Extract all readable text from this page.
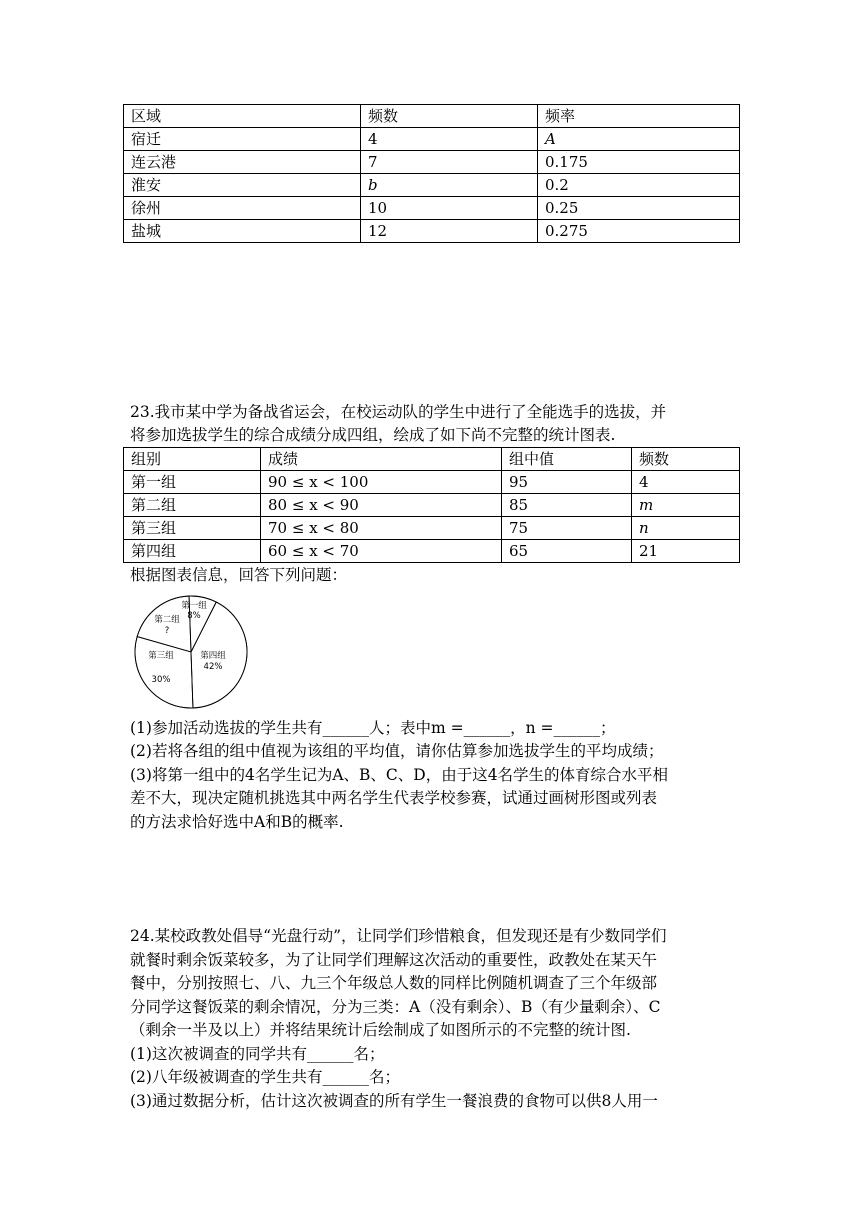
区域	频数	频率
宿迁	4	A
连云港	7	0.175
淮安	b	0.2
徐州	10	0.25
盐城	12	0.275
23.我市某中学为备战省运会，在校运动队的学生中进行了全能选手的选拔，并
将参加选拔学生的综合成绩分成四组，绘成了如下尚不完整的统计图表.
组别	成绩	组中值	频数
第一组	90 ≤ x < 100	95	4
第二组	80 ≤ x < 90	85	m
第三组	70 ≤ x < 80	75	n
第四组	60 ≤ x < 70	65	21
根据图表信息，回答下列问题：
第一组
8%
第二组
?
第三组
30%
第四组
42%
(1)参加活动选拔的学生共有______人；表中m =______，n =______；
(2)若将各组的组中值视为该组的平均值，请你估算参加选拔学生的平均成绩；
(3)将第一组中的4名学生记为A、B、C、D，由于这4名学生的体育综合水平相
差不大，现决定随机挑选其中两名学生代表学校参赛，试通过画树形图或列表
的方法求恰好选中A和B的概率.
24.某校政教处倡导“光盘行动”，让同学们珍惜粮食，但发现还是有少数同学们
就餐时剩余饭菜较多，为了让同学们理解这次活动的重要性，政教处在某天午
餐中，分别按照七、八、九三个年级总人数的同样比例随机调查了三个年级部
分同学这餐饭菜的剩余情况，分为三类：A（没有剩余）、B（有少量剩余）、C
（剩余一半及以上）并将结果统计后绘制成了如图所示的不完整的统计图.
(1)这次被调查的同学共有______名；
(2)八年级被调查的学生共有______名；
(3)通过数据分析，估计这次被调查的所有学生一餐浪费的食物可以供8人用一
